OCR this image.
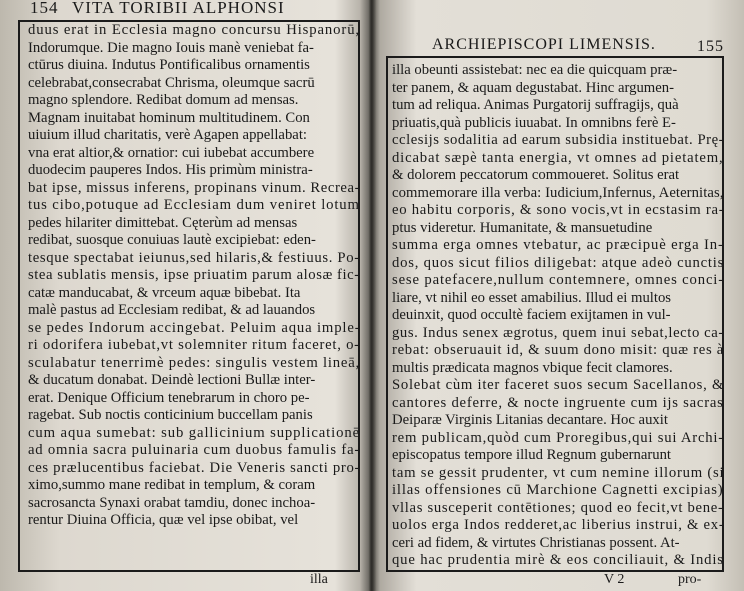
154 VITA TORIBII ALPHONSI
duus erat in Ecclesia magno concursu Hispanorū,
Indorumque. Die magno Iouis manè veniebat fa-
ctūrus diuina. Indutus Pontificalibus ornamentis
celebrabat,consecrabat Chrisma, oleumque sacrū
magno splendore. Redibat domum ad mensas.
Magnam inuitabat hominum multitudinem. Con
uiuium illud charitatis, verè Agapen appellabat:
vna erat altior,& ornatior: cui iubebat accumbere
duodecim pauperes Indos. His primùm ministra-
bat ipse, missus inferens, propinans vinum. Recrea-
tus cibo,potuque ad Ecclesiam dum veniret lotum
pedes hilariter dimittebat. Cęterùm ad mensas
redibat, suosque conuiuas lautè excipiebat: eden-
tesque spectabat ieiunus,sed hilaris,& festiuus. Po-
stea sublatis mensis, ipse priuatim parum alosæ fic-
catæ manducabat, & vrceum aquæ bibebat. Ita
malè pastus ad Ecclesiam redibat, & ad lauandos
se pedes Indorum accingebat. Peluim aqua imple-
ri odorifera iubebat,vt solemniter ritum faceret, o-
sculabatur tenerrimè pedes: singulis vestem lineā,
& ducatum donabat. Deindè lectioni Bullæ inter-
erat. Denique Officium tenebrarum in choro pe-
ragebat. Sub noctis conticinium buccellam panis
cum aqua sumebat: sub gallicinium supplicationē
ad omnia sacra puluinaria cum duobus famulis fa-
ces prælucentibus faciebat. Die Veneris sancti pro-
ximo,summo mane redibat in templum, & coram
sacrosancta Synaxi orabat tamdiu, donec inchoa-
rentur Diuina Officia, quæ vel ipse obibat, vel
illa
ARCHIEPISCOPI LIMENSIS.	155
illa obeunti assistebat: nec ea die quicquam præ-
ter panem, & aquam degustabat. Hinc argumen-
tum ad reliqua. Animas Purgatorij suffragijs, quà
priuatis,quà publicis iuuabat. In omnibns ferè E-
cclesijs sodalitia ad earum subsidia instituebat. Prę-
dicabat sæpè tanta energia, vt omnes ad pietatem,
& dolorem peccatorum commoueret. Solitus erat
commemorare illa verba: Iudicium,Infernus, Aeternitas,
eo habitu corporis, & sono vocis,vt in ecstasim ra-
ptus videretur. Humanitate, & mansuetudine
summa erga omnes vtebatur, ac præcipuè erga In-
dos, quos sicut filios diligebat: atque adeò cunctis
sese patefacere,nullum contemnere, omnes conci-
liare, vt nihil eo esset amabilius. Illud ei multos
deuinxit, quod occultè faciem exijtamen in vul-
gus. Indus senex ægrotus, quem inui sebat,lecto ca-
rebat: obseruauit id, & suum dono misit: quæ res à
multis prædicata magnos vbique fecit clamores.
Solebat cùm iter faceret suos secum Sacellanos, &
cantores deferre, & nocte ingruente cum ijs sacras
Deiparæ Virginis Litanias decantare. Hoc auxit
rem publicam,quòd cum Proregibus,qui sui Archi-
episcopatus tempore illud Regnum gubernarunt
tam se gessit prudenter, vt cum nemine illorum (si
illas offensiones cū Marchione Cagnetti excipias)
vllas susceperit contētiones; quod eo fecit,vt bene-
uolos erga Indos redderet,ac liberius instrui, & ex-
ceri ad fidem, & virtutes Christianas possent. At-
que hac prudentia mirè & eos conciliauit, & Indis
V 2	pro-
